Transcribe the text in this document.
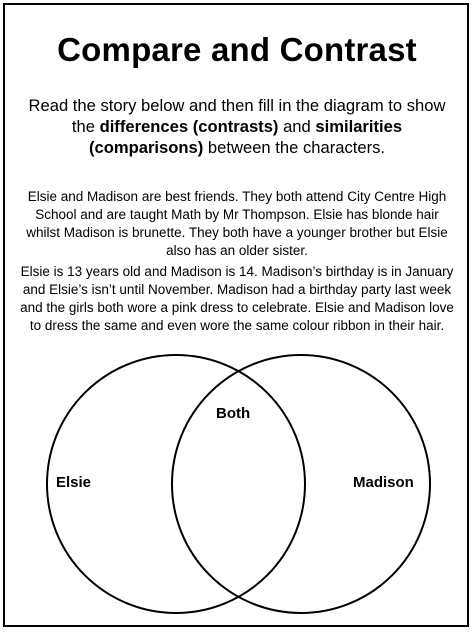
Compare and Contrast
Read the story below and then fill in the diagram to show the differences (contrasts) and similarities (comparisons) between the characters.

Elsie and Madison are best friends. They both attend City Centre High School and are taught Math by Mr Thompson. Elsie has blonde hair whilst Madison is brunette. They both have a younger brother but Elsie also has an older sister.

Elsie is 13 years old and Madison is 14. Madison’s birthday is in January and Elsie’s isn’t until November. Madison had a birthday party last week and the girls both wore a pink dress to celebrate. Elsie and Madison love to dress the same and even wore the same colour ribbon in their hair.

Both
Elsie	Madison
